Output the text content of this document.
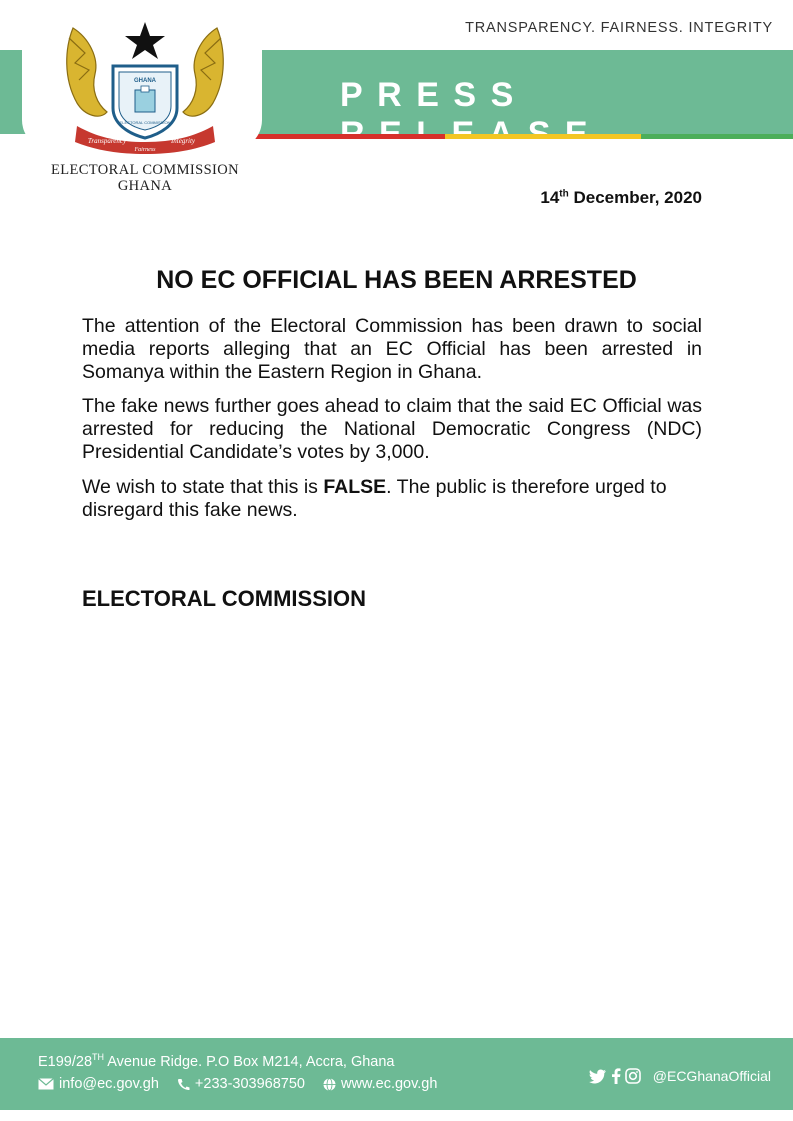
TRANSPARENCY. FAIRNESS. INTEGRITY
PRESS
GHANA
ELECTORAL COMMISSION
Transparency
Fairness
Integrity
ELECTORAL COMMISSION
GHANA
14th December, 2020
NO EC OFFICIAL HAS BEEN ARRESTED

The attention of the Electoral Commission has been drawn to social media reports alleging that an EC Official has been arrested in Somanya within the Eastern Region in Ghana.

The fake news further goes ahead to claim that the said EC Official was arrested for reducing the National Democratic Congress (NDC) Presidential Candidate’s votes by 3,000.

We wish to state that this is FALSE. The public is therefore urged to disregard this fake news.

ELECTORAL COMMISSION
E199/28TH Avenue Ridge. P.O Box M214, Accra, Ghana
info@ec.gov.gh +233-303968750 www.ec.gov.gh	@ECGhanaOfficial
